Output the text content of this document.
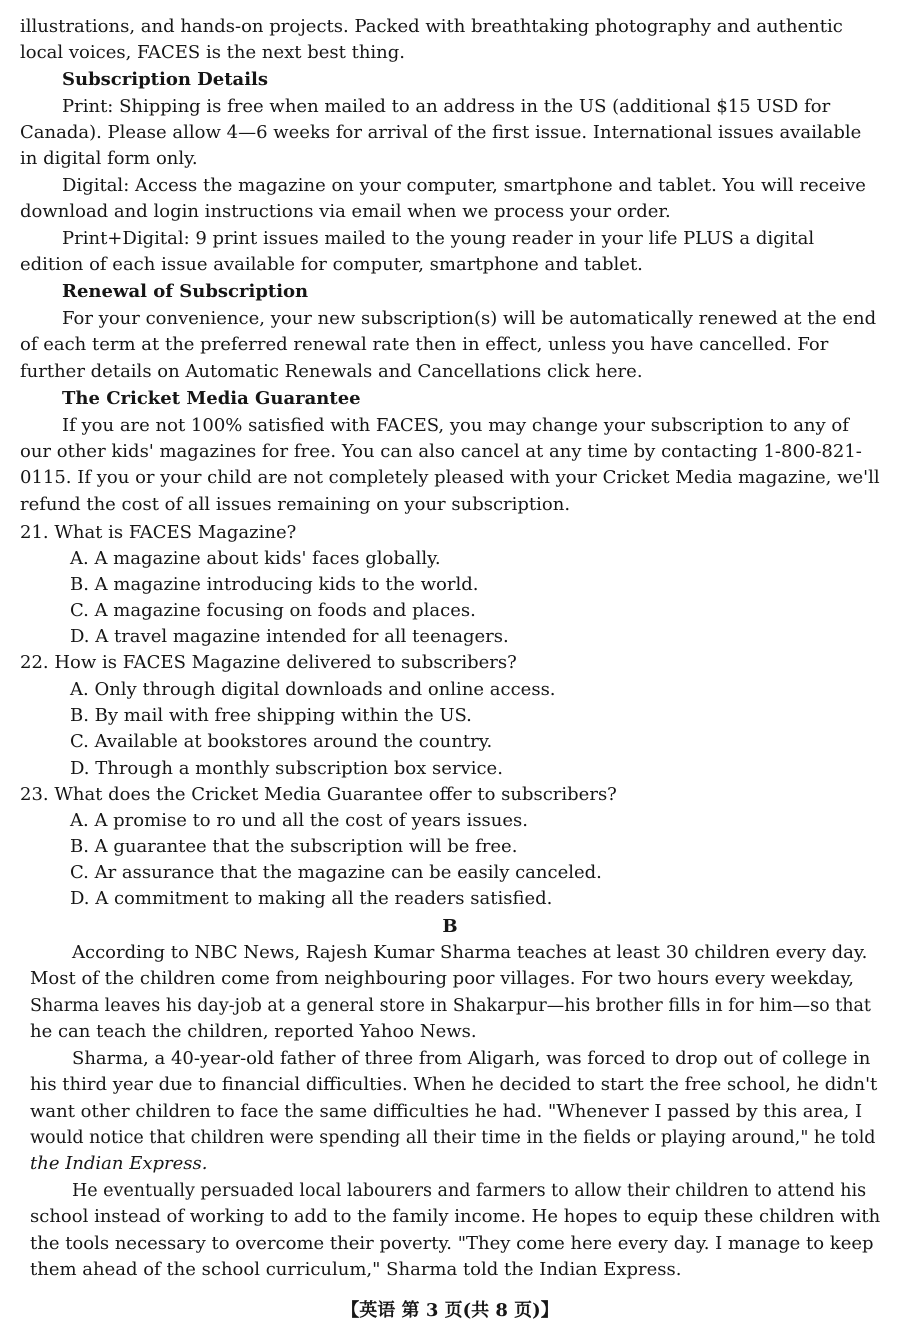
illustrations, and hands-on projects. Packed with breathtaking photography and authentic
local voices, FACES is the next best thing.
Subscription Details
Print: Shipping is free when mailed to an address in the US (additional $15 USD for
Canada). Please allow 4—6 weeks for arrival of the first issue. International issues available
in digital form only.
Digital: Access the magazine on your computer, smartphone and tablet. You will receive
download and login instructions via email when we process your order.
Print+Digital: 9 print issues mailed to the young reader in your life PLUS a digital
edition of each issue available for computer, smartphone and tablet.
Renewal of Subscription
For your convenience, your new subscription(s) will be automatically renewed at the end
of each term at the preferred renewal rate then in effect, unless you have cancelled. For
further details on Automatic Renewals and Cancellations click here.
The Cricket Media Guarantee
If you are not 100% satisfied with FACES, you may change your subscription to any of
our other kids' magazines for free. You can also cancel at any time by contacting 1-800-821-
0115. If you or your child are not completely pleased with your Cricket Media magazine, we'll
refund the cost of all issues remaining on your subscription.
21. What is FACES Magazine?
A. A magazine about kids' faces globally.
B. A magazine introducing kids to the world.
C. A magazine focusing on foods and places.
D. A travel magazine intended for all teenagers.
22. How is FACES Magazine delivered to subscribers?
A. Only through digital downloads and online access.
B. By mail with free shipping within the US.
C. Available at bookstores around the country.
D. Through a monthly subscription box service.
23. What does the Cricket Media Guarantee offer to subscribers?
A. A promise to ro und all the cost of years issues.
B. A guarantee that the subscription will be free.
C. Ar assurance that the magazine can be easily canceled.
D. A commitment to making all the readers satisfied.
B
According to NBC News, Rajesh Kumar Sharma teaches at least 30 children every day.
Most of the children come from neighbouring poor villages. For two hours every weekday,
Sharma leaves his day-job at a general store in Shakarpur—his brother fills in for him—so that
he can teach the children, reported Yahoo News.
Sharma, a 40-year-old father of three from Aligarh, was forced to drop out of college in
his third year due to financial difficulties. When he decided to start the free school, he didn't
want other children to face the same difficulties he had. "Whenever I passed by this area, I
would notice that children were spending all their time in the fields or playing around," he told
the Indian Express.
He eventually persuaded local labourers and farmers to allow their children to attend his
school instead of working to add to the family income. He hopes to equip these children with
the tools necessary to overcome their poverty. "They come here every day. I manage to keep
them ahead of the school curriculum," Sharma told the Indian Express.
【英语 第 3 页(共 8 页)】
